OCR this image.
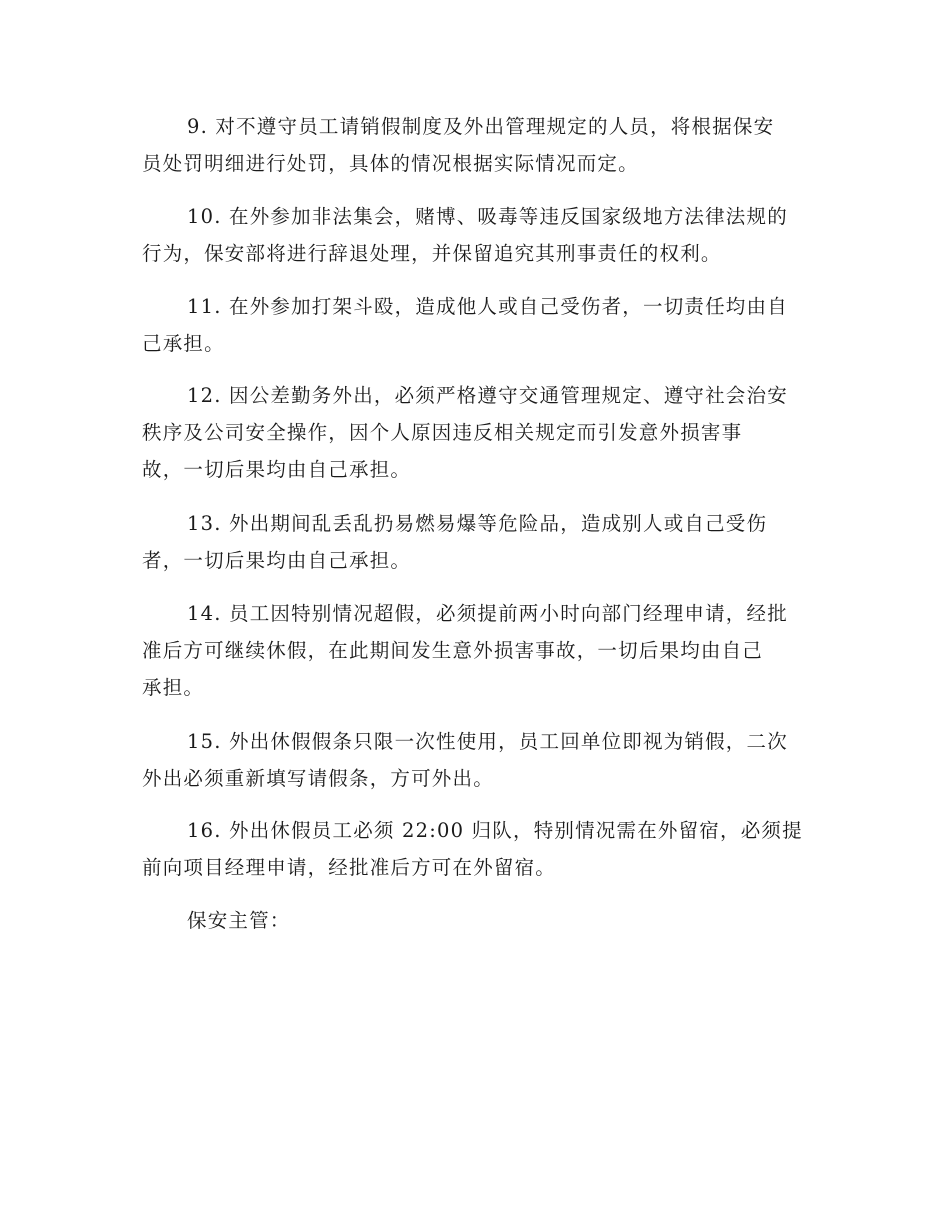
9. 对不遵守员工请销假制度及外出管理规定的人员，将根据保安
员处罚明细进行处罚，具体的情况根据实际情况而定。
10. 在外参加非法集会，赌博、吸毒等违反国家级地方法律法规的
行为，保安部将进行辞退处理，并保留追究其刑事责任的权利。
11. 在外参加打架斗殴，造成他人或自己受伤者，一切责任均由自
己承担。
12. 因公差勤务外出，必须严格遵守交通管理规定、遵守社会治安
秩序及公司安全操作，因个人原因违反相关规定而引发意外损害事
故，一切后果均由自己承担。
13. 外出期间乱丢乱扔易燃易爆等危险品，造成别人或自己受伤
者，一切后果均由自己承担。
14. 员工因特别情况超假，必须提前两小时向部门经理申请，经批
准后方可继续休假，在此期间发生意外损害事故，一切后果均由自己
承担。
15. 外出休假假条只限一次性使用，员工回单位即视为销假，二次
外出必须重新填写请假条，方可外出。
16. 外出休假员工必须 22:00 归队，特别情况需在外留宿，必须提
前向项目经理申请，经批准后方可在外留宿。
保安主管：
